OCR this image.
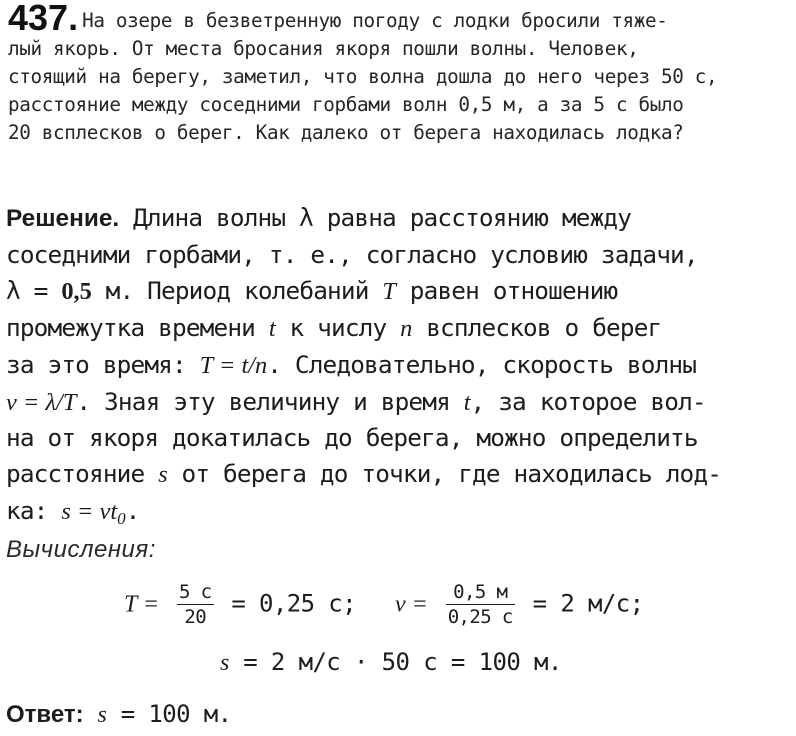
437. На озере в безветренную погоду с лодки бросили тяже-
лый якорь. От места бросания якоря пошли волны. Человек,
стоящий на берегу, заметил, что волна дошла до него через 50 с,
расстояние между соседними горбами волн 0,5 м, а за 5 с было
20 всплесков о берег. Как далеко от берега находилась лодка?
Решение. Длина волны λ равна расстоянию между
соседними горбами, т. е., согласно условию задачи,
λ = 0,5 м. Период колебаний T равен отношению
промежутка времени t к числу n всплесков о берег
за это время: T = t/n. Следовательно, скорость волны
v = λ/T. Зная эту величину и время t, за которое вол-
на от якоря докатилась до берега, можно определить
расстояние s от берега до точки, где находилась лод-
ка: $s = vt_0$.
Вычисления:
$T = \frac{5 с}{20} = 0,25$ с; $v = \frac{0,5 м}{0,25 с} = 2$ м/с;
s = 2 м/с · 50 с = 100 м.
Ответ: s = 100 м.
